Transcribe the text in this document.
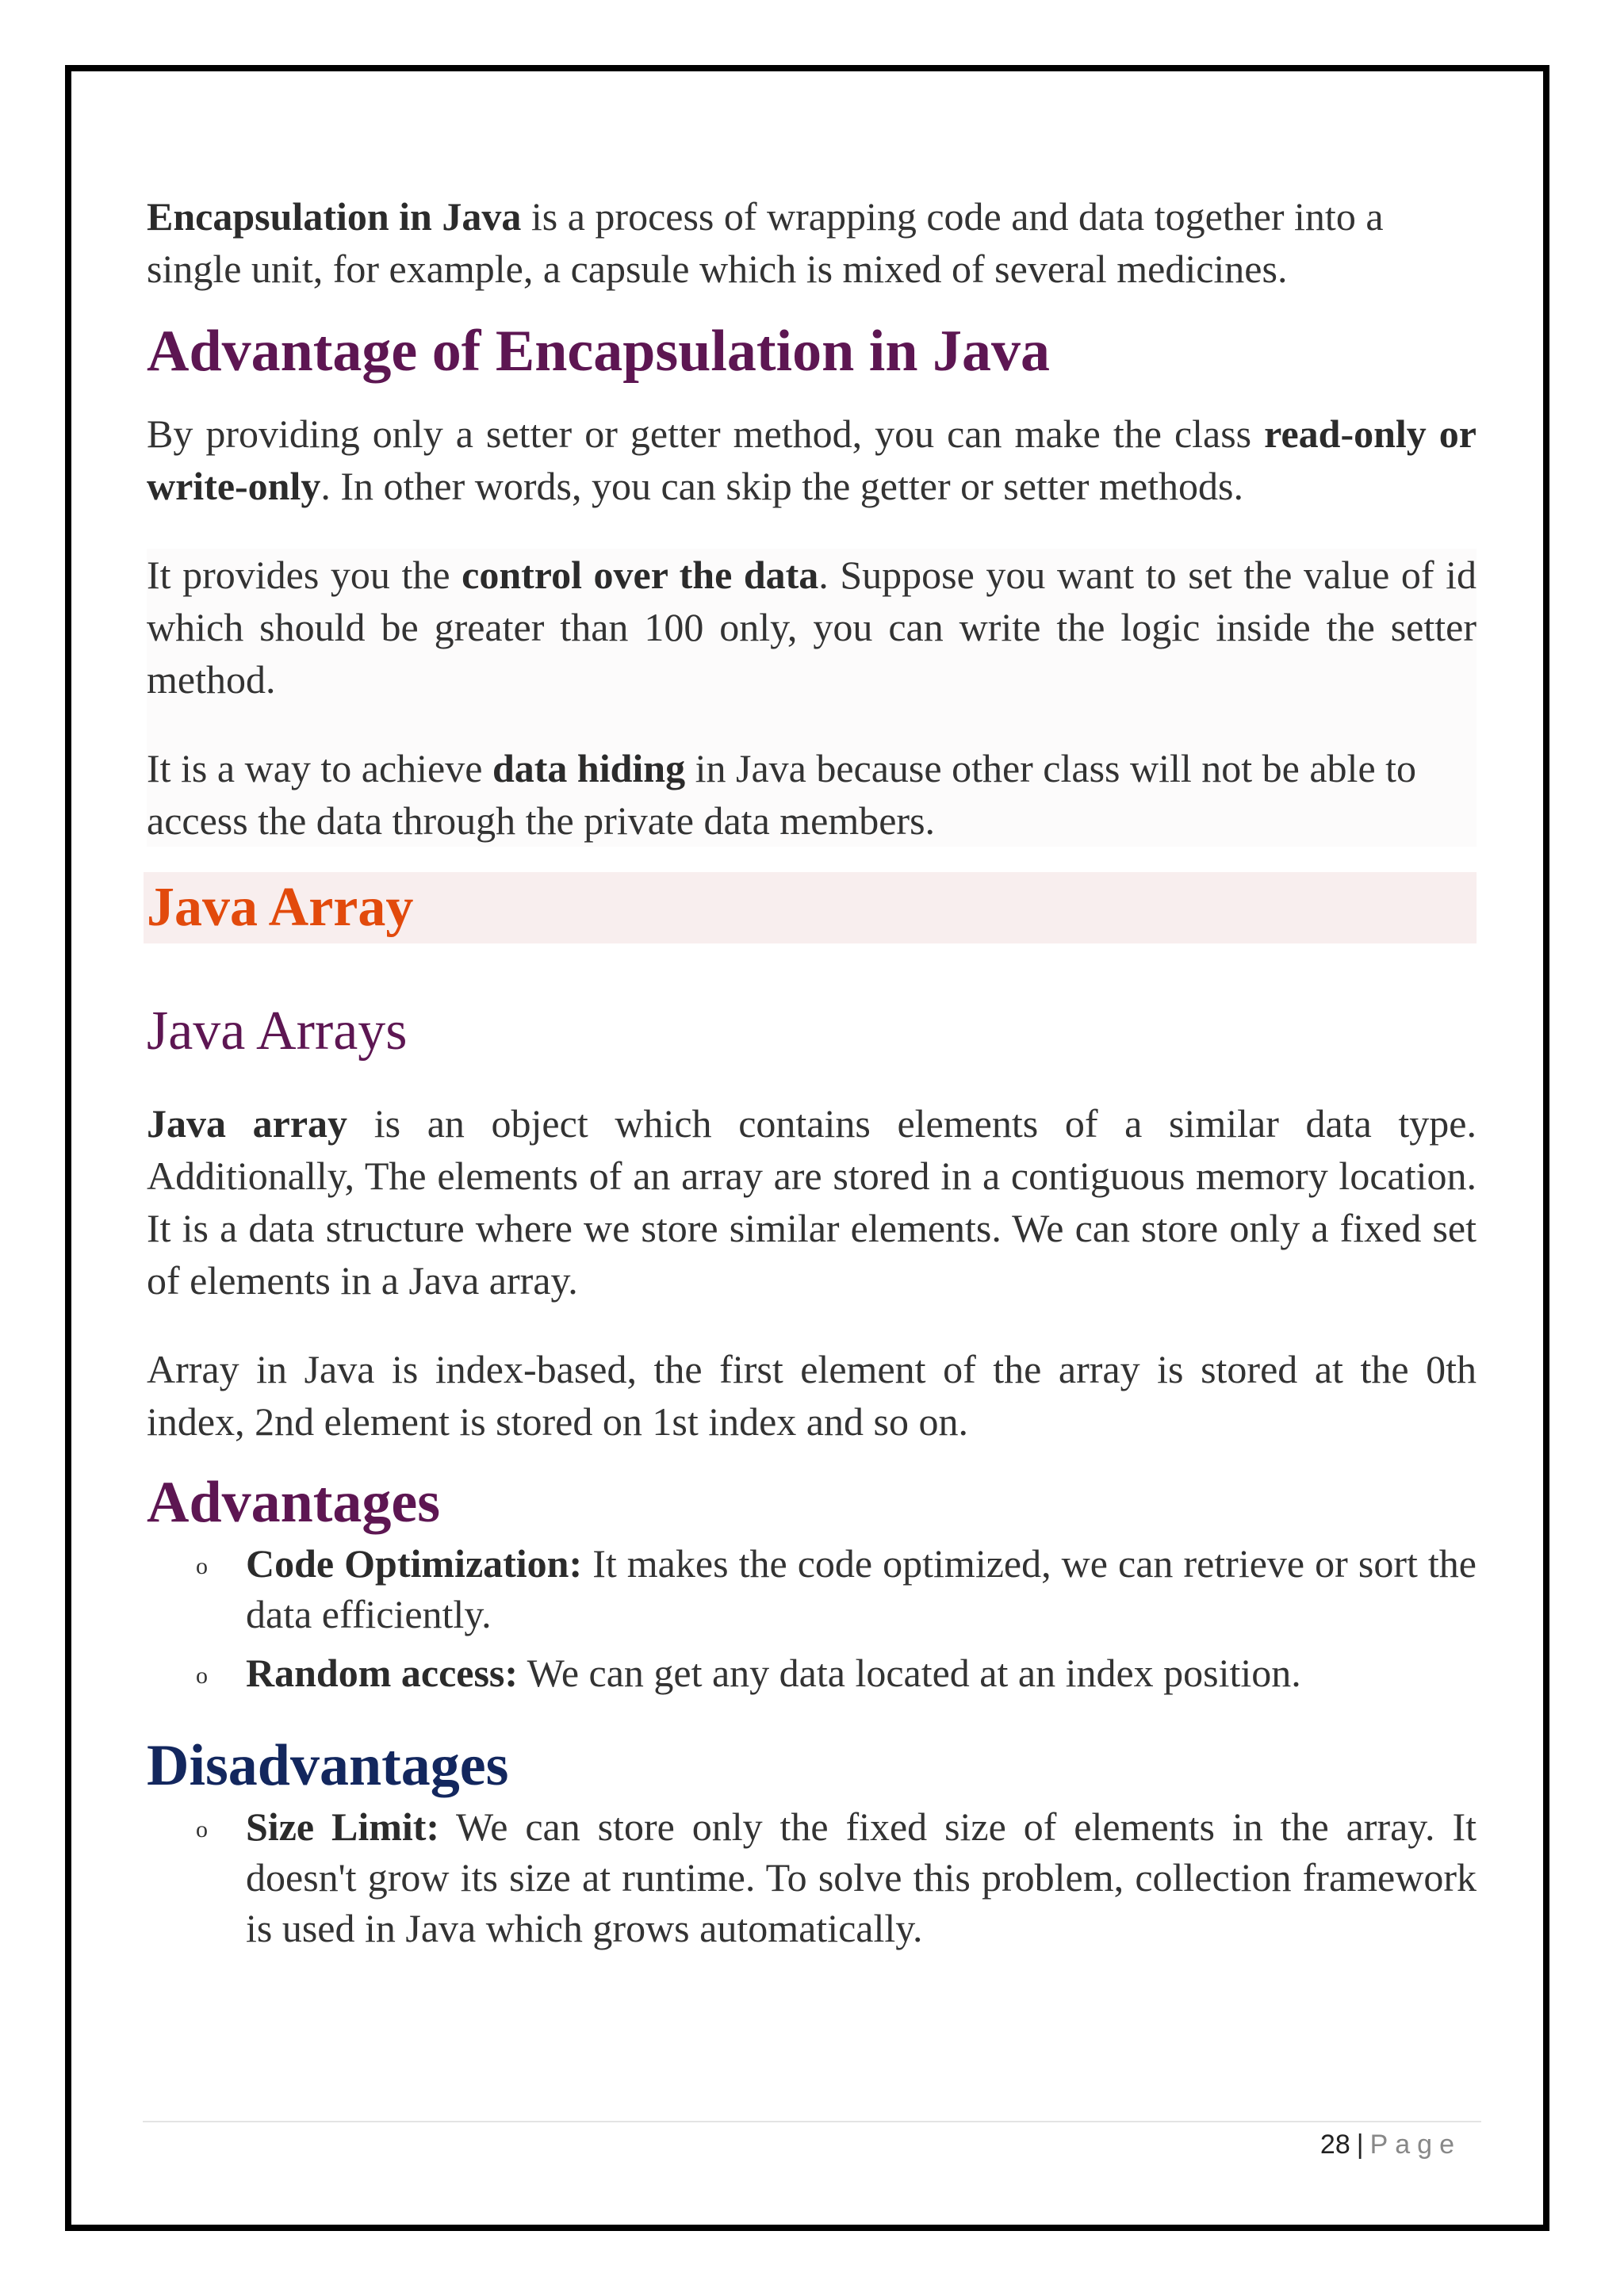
Encapsulation in Java is a process of wrapping code and data together into a single unit, for example, a capsule which is mixed of several medicines.

Advantage of Encapsulation in Java

By providing only a setter or getter method, you can make the class read-only or write-only. In other words, you can skip the getter or setter methods.

It provides you the control over the data. Suppose you want to set the value of id which should be greater than 100 only, you can write the logic inside the setter method.

It is a way to achieve data hiding in Java because other class will not be able to access the data through the private data members.

Java Array
Java Arrays

Java array is an object which contains elements of a similar data type. Additionally, The elements of an array are stored in a contiguous memory location. It is a data structure where we store similar elements. We can store only a fixed set of elements in a Java array.

Array in Java is index-based, the first element of the array is stored at the 0th index, 2nd element is stored on 1st index and so on.

Advantages
o Code Optimization: It makes the code optimized, we can retrieve or sort the data efficiently.
o Random access: We can get any data located at an index position.
Disadvantages
o Size Limit: We can store only the fixed size of elements in the array. It doesn't grow its size at runtime. To solve this problem, collection framework is used in Java which grows automatically.
28 | Page
